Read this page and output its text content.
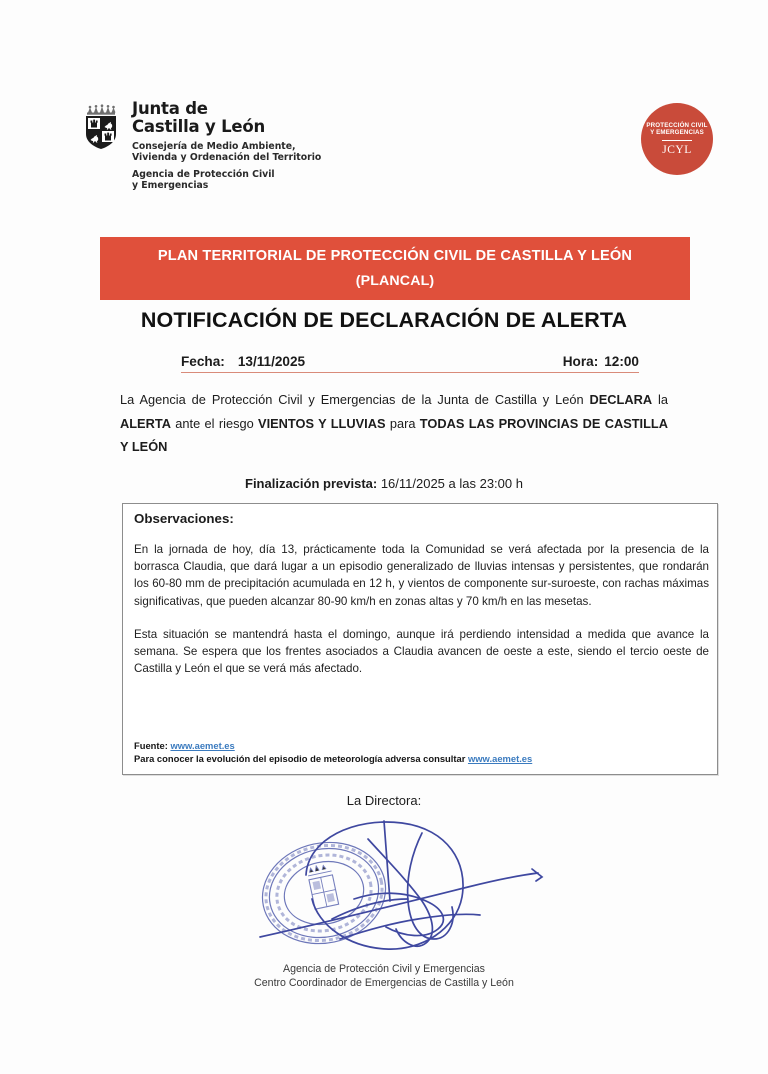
Junta de
Castilla y León
Consejería de Medio Ambiente,
Vivienda y Ordenación del Territorio
Agencia de Protección Civil
y Emergencias
PROTECCIÓN CIVIL Y EMERGENCIAS
JCYL
PLAN TERRITORIAL DE PROTECCIÓN CIVIL DE CASTILLA Y LEÓN
(PLANCAL)
NOTIFICACIÓN DE DECLARACIÓN DE ALERTA
Fecha: 13/11/2025	Hora: 12:00
La Agencia de Protección Civil y Emergencias de la Junta de Castilla y León DECLARA la ALERTA ante el riesgo VIENTOS Y LLUVIAS para TODAS LAS PROVINCIAS DE CASTILLA Y LEÓN
Finalización prevista: 16/11/2025 a las 23:00 h
Observaciones:

En la jornada de hoy, día 13, prácticamente toda la Comunidad se verá afectada por la presencia de la borrasca Claudia, que dará lugar a un episodio generalizado de lluvias intensas y persistentes, que rondarán los 60-80 mm de precipitación acumulada en 12 h, y vientos de componente sur-suroeste, con rachas máximas significativas, que pueden alcanzar 80-90 km/h en zonas altas y 70 km/h en las mesetas.

Esta situación se mantendrá hasta el domingo, aunque irá perdiendo intensidad a medida que avance la semana. Se espera que los frentes asociados a Claudia avancen de oeste a este, siendo el tercio oeste de Castilla y León el que se verá más afectado.

Fuente: www.aemet.es
Para conocer la evolución del episodio de meteorología adversa consultar www.aemet.es
La Directora:
Agencia de Protección Civil y Emergencias
Centro Coordinador de Emergencias de Castilla y León
